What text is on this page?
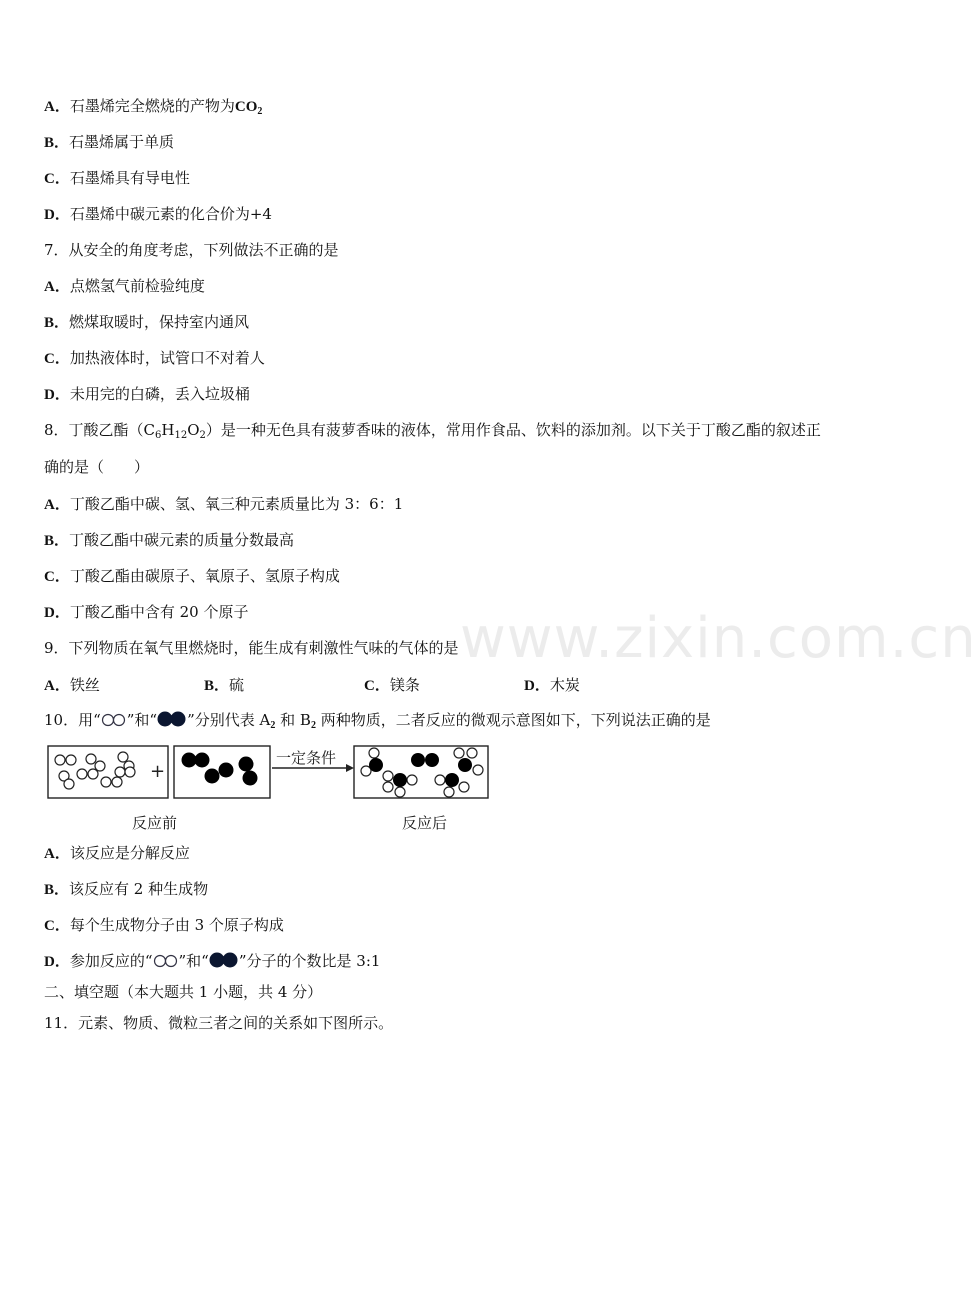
www.zixin.com.cn
A．石墨烯完全燃烧的产物为$CO_2$
B．石墨烯属于单质
C．石墨烯具有导电性
D．石墨烯中碳元素的化合价为+4
7．从安全的角度考虑，下列做法不正确的是
A．点燃氢气前检验纯度
B．燃煤取暖时，保持室内通风
C．加热液体时，试管口不对着人
D．未用完的白磷，丢入垃圾桶
8．丁酸乙酯$(C_6H_{12}O_2)$是一种无色具有菠萝香味的液体，常用作食品、饮料的添加剂。以下关于丁酸乙酯的叙述正
确的是（　　）
A．丁酸乙酯中碳、氢、氧三种元素质量比为 3：6：1
B．丁酸乙酯中碳元素的质量分数最高
C．丁酸乙酯由碳原子、氧原子、氢原子构成
D．丁酸乙酯中含有 20 个原子
9．下列物质在氧气里燃烧时，能生成有刺激性气味的气体的是
A．铁丝	B．硫	C．镁条	D．木炭
10．用“ ”和“ ”分别代表 $A_2$ 和 $B_2$ 两种物质，二者反应的微观示意图如下，下列说法正确的是
+
一定条件
反应前	反应后
A．该反应是分解反应
B．该反应有 2 种生成物
C．每个生成物分子由 3 个原子构成
D．参加反应的“ ”和“ ”分子的个数比是 3:1
二、填空题（本大题共 1 小题，共 4 分）
11．元素、物质、微粒三者之间的关系如下图所示。
